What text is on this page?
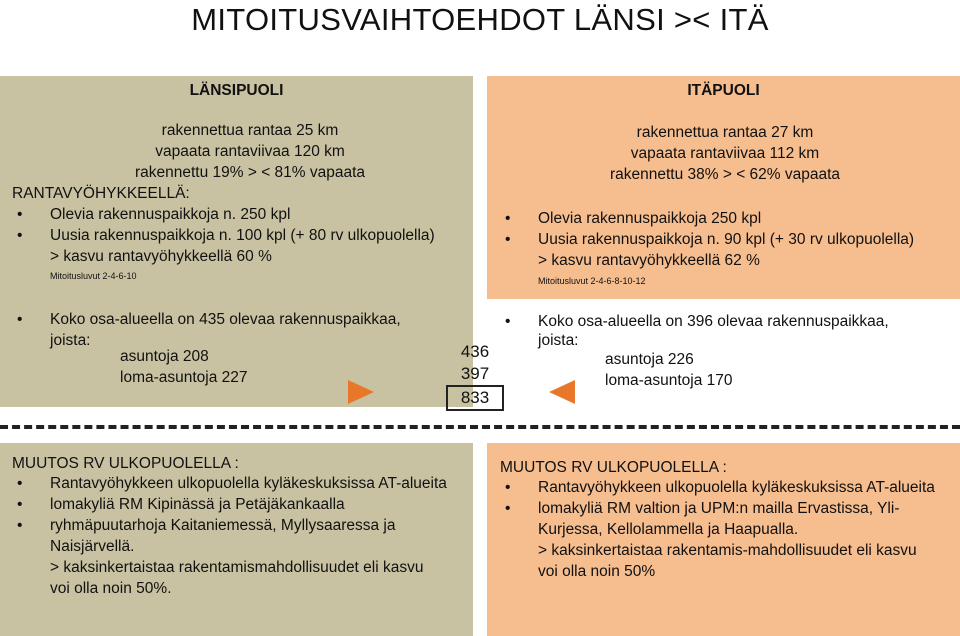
MITOITUSVAIHTOEHDOT LÄNSI >< ITÄ
LÄNSIPUOLI
rakennettua rantaa 25 km
vapaata rantaviivaa 120 km
rakennettu 19% > < 81% vapaata
RANTAVYÖHYKKEELLÄ:
• Olevia rakennuspaikkoja n. 250 kpl
• Uusia rakennuspaikkoja n. 100 kpl (+ 80 rv ulkopuolella)
> kasvu rantavyöhykkeellä 60 %
Mitoitusluvut 2-4-6-10
• Koko osa-alueella on 435 olevaa rakennuspaikkaa,
joista:
asuntoja 208
loma-asuntoja 227
436
397
833
ITÄPUOLI
rakennettua rantaa 27 km
vapaata rantaviivaa 112 km
rakennettu 38% > < 62% vapaata
• Olevia rakennuspaikkoja 250 kpl
• Uusia rakennuspaikkoja n. 90 kpl (+ 30 rv ulkopuolella)
> kasvu rantavyöhykkeellä 62 %
Mitoitusluvut 2-4-6-8-10-12
• Koko osa-alueella on 396 olevaa rakennuspaikkaa,
joista:
asuntoja 226
loma-asuntoja 170
MUUTOS RV ULKOPUOLELLA :
• Rantavyöhykkeen ulkopuolella kyläkeskuksissa AT-alueita
• lomakyliä RM Kipinässä ja Petäjäkankaalla
• ryhmäpuutarhoja Kaitaniemessä, Myllysaaressa ja
Naisjärvellä.
> kaksinkertaistaa rakentamismahdollisuudet eli kasvu
voi olla noin 50%.
MUUTOS RV ULKOPUOLELLA :
• Rantavyöhykkeen ulkopuolella kyläkeskuksissa AT-alueita
• lomakyliä RM valtion ja UPM:n mailla Ervastissa, Yli-
Kurjessa, Kellolammella ja Haapualla.
> kaksinkertaistaa rakentamis-mahdollisuudet eli kasvu
voi olla noin 50%
